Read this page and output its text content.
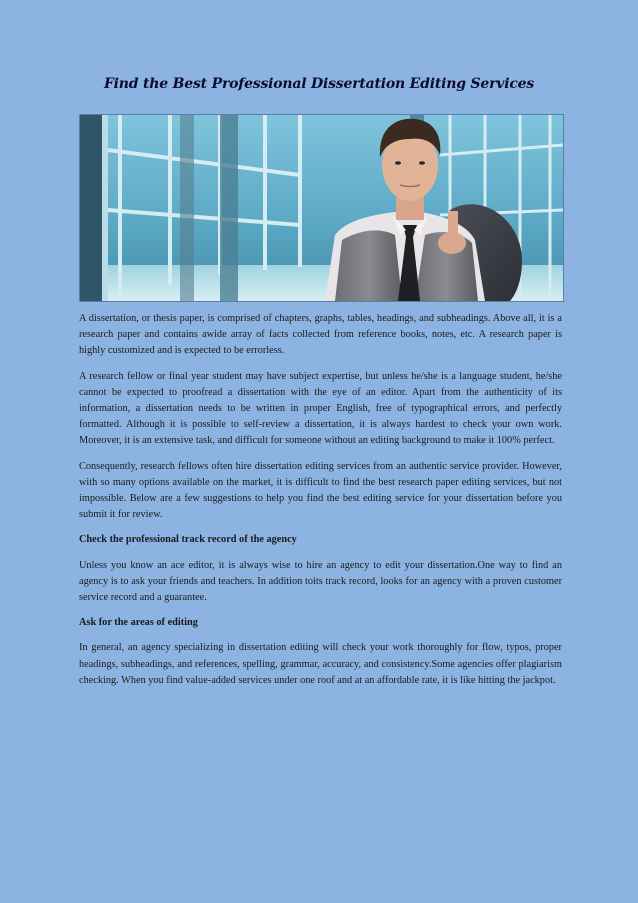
Find the Best Professional Dissertation Editing Services

A dissertation, or thesis paper, is comprised of chapters, graphs, tables, headings, and subheadings. Above all, it is a research paper and contains awide array of facts collected from reference books, notes, etc. A research paper is highly customized and is expected to be errorless.

A research fellow or final year student may have subject expertise, but unless he/she is a language student, he/she cannot be expected to proofread a dissertation with the eye of an editor. Apart from the authenticity of its information, a dissertation needs to be written in proper English, free of typographical errors, and perfectly formatted. Although it is possible to self-review a dissertation, it is always hardest to check your own work. Moreover, it is an extensive task, and difficult for someone without an editing background to make it 100% perfect.

Consequently, research fellows often hire dissertation editing services from an authentic service provider. However, with so many options available on the market, it is difficult to find the best research paper editing services, but not impossible. Below are a few suggestions to help you find the best editing service for your dissertation before you submit it for review.

Check the professional track record of the agency

Unless you know an ace editor, it is always wise to hire an agency to edit your dissertation.One way to find an agency is to ask your friends and teachers. In addition toits track record, looks for an agency with a proven customer service record and a guarantee.

Ask for the areas of editing

In general, an agency specializing in dissertation editing will check your work thoroughly for flow, typos, proper headings, subheadings, and references, spelling, grammar, accuracy, and consistency.Some agencies offer plagiarism checking. When you find value-added services under one roof and at an affordable rate, it is like hitting the jackpot.
